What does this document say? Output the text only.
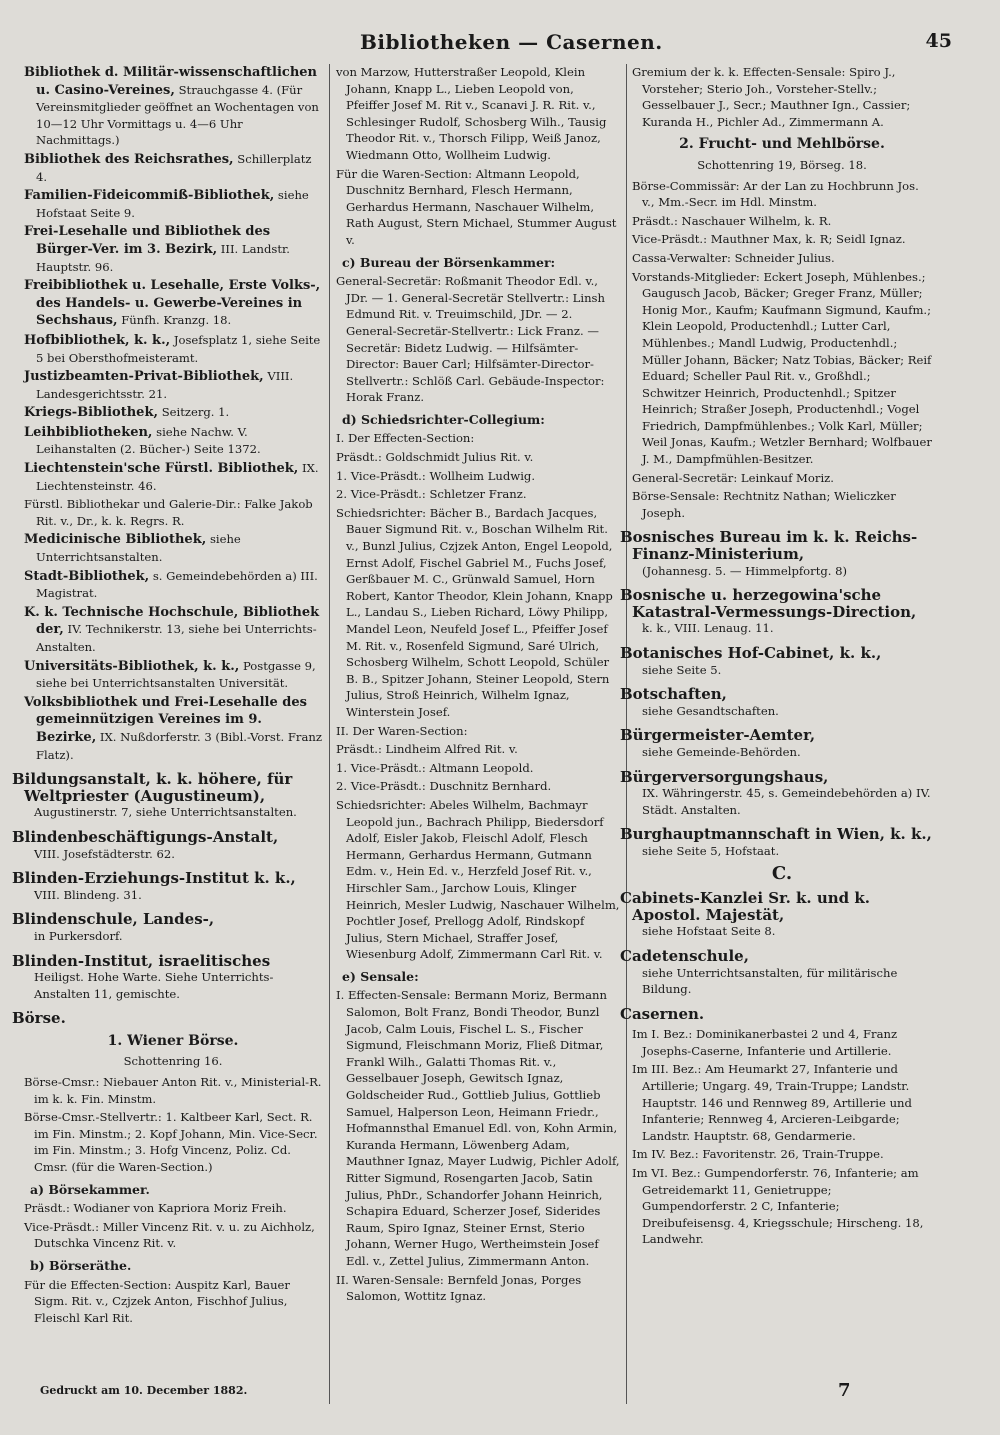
Bibliotheken — Casernen.	45
Bibliothek d. Militär-wissenschaftlichen u. Casino-Vereines, Strauchgasse 4. (Für Vereinsmitglieder geöffnet an Wochentagen von 10—12 Uhr Vormittags u. 4—6 Uhr Nachmittags.)
Bibliothek des Reichsrathes, Schillerplatz 4.
Familien-Fideicommiß-Bibliothek, siehe Hofstaat Seite 9.
Frei-Lesehalle und Bibliothek des Bürger-Ver. im 3. Bezirk, III. Landstr. Hauptstr. 96.
Freibibliothek u. Lesehalle, Erste Volks-, des Handels- u. Gewerbe-Vereines in Sechshaus, Fünfh. Kranzg. 18.
Hofbibliothek, k. k., Josefsplatz 1, siehe Seite 5 bei Obersthofmeisteramt.
Justizbeamten-Privat-Bibliothek, VIII. Landesgerichtsstr. 21.
Kriegs-Bibliothek, Seitzerg. 1.
Leihbibliotheken, siehe Nachw. V. Leihanstalten (2. Bücher-) Seite 1372.
Liechtenstein'sche Fürstl. Bibliothek, IX. Liechtensteinstr. 46.
Fürstl. Bibliothekar und Galerie-Dir.: Falke Jakob Rit. v., Dr., k. k. Regrs. R.
Medicinische Bibliothek, siehe Unterrichtsanstalten.
Stadt-Bibliothek, s. Gemeindebehörden a) III. Magistrat.
K. k. Technische Hochschule, Bibliothek der, IV. Technikerstr. 13, siehe bei Unterrichts-Anstalten.
Universitäts-Bibliothek, k. k., Postgasse 9, siehe bei Unterrichtsanstalten Universität.
Volksbibliothek und Frei-Lesehalle des gemeinnützigen Vereines im 9. Bezirke, IX. Nußdorferstr. 3 (Bibl.-Vorst. Franz Flatz).
Bildungsanstalt, k. k. höhere, für Weltpriester (Augustineum),
Augustinerstr. 7, siehe Unterrichtsanstalten.
Blindenbeschäftigungs-Anstalt,
VIII. Josefstädterstr. 62.
Blinden-Erziehungs-Institut k. k.,
VIII. Blindeng. 31.
Blindenschule, Landes-,
in Purkersdorf.
Blinden-Institut, israelitisches
Heiligst. Hohe Warte. Siehe Unterrichts-Anstalten 11, gemischte.
Börse.
1. Wiener Börse.
Schottenring 16.
Börse-Cmsr.: Niebauer Anton Rit. v., Ministerial-R. im k. k. Fin. Minstm.
Börse-Cmsr.-Stellvertr.: 1. Kaltbeer Karl, Sect. R. im Fin. Minstm.; 2. Kopf Johann, Min. Vice-Secr. im Fin. Minstm.; 3. Hofg Vincenz, Poliz. Cd. Cmsr. (für die Waren-Section.)
a) Börsekammer.
Präsdt.: Wodianer von Kapriora Moriz Freih.
Vice-Präsdt.: Miller Vincenz Rit. v. u. zu Aichholz, Dutschka Vincenz Rit. v.
b) Börseräthe.
Für die Effecten-Section: Auspitz Karl, Bauer Sigm. Rit. v., Czjzek Anton, Fischhof Julius, Fleischl Karl Rit.
von Marzow, Hutterstraßer Leopold, Klein Johann, Knapp L., Lieben Leopold von, Pfeiffer Josef M. Rit v., Scanavi J. R. Rit. v., Schlesinger Rudolf, Schosberg Wilh., Tausig Theodor Rit. v., Thorsch Filipp, Weiß Janoz, Wiedmann Otto, Wollheim Ludwig.
Für die Waren-Section: Altmann Leopold, Duschnitz Bernhard, Flesch Hermann, Gerhardus Hermann, Naschauer Wilhelm, Rath August, Stern Michael, Stummer August v.
c) Bureau der Börsenkammer:
General-Secretär: Roßmanit Theodor Edl. v., JDr. — 1. General-Secretär Stellvertr.: Linsh Edmund Rit. v. Treuimschild, JDr. — 2. General-Secretär-Stellvertr.: Lick Franz. — Secretär: Bidetz Ludwig. — Hilfsämter-Director: Bauer Carl; Hilfsämter-Director-Stellvertr.: Schlöß Carl. Gebäude-Inspector: Horak Franz.
d) Schiedsrichter-Collegium:
I. Der Effecten-Section:
Präsdt.: Goldschmidt Julius Rit. v.
1. Vice-Präsdt.: Wollheim Ludwig.
2. Vice-Präsdt.: Schletzer Franz.
Schiedsrichter: Bächer B., Bardach Jacques, Bauer Sigmund Rit. v., Boschan Wilhelm Rit. v., Bunzl Julius, Czjzek Anton, Engel Leopold, Ernst Adolf, Fischel Gabriel M., Fuchs Josef, Gerßbauer M. C., Grünwald Samuel, Horn Robert, Kantor Theodor, Klein Johann, Knapp L., Landau S., Lieben Richard, Löwy Philipp, Mandel Leon, Neufeld Josef L., Pfeiffer Josef M. Rit. v., Rosenfeld Sigmund, Saré Ulrich, Schosberg Wilhelm, Schott Leopold, Schüler B. B., Spitzer Johann, Steiner Leopold, Stern Julius, Stroß Heinrich, Wilhelm Ignaz, Winterstein Josef.
II. Der Waren-Section:
Präsdt.: Lindheim Alfred Rit. v.
1. Vice-Präsdt.: Altmann Leopold.
2. Vice-Präsdt.: Duschnitz Bernhard.
Schiedsrichter: Abeles Wilhelm, Bachmayr Leopold jun., Bachrach Philipp, Biedersdorf Adolf, Eisler Jakob, Fleischl Adolf, Flesch Hermann, Gerhardus Hermann, Gutmann Edm. v., Hein Ed. v., Herzfeld Josef Rit. v., Hirschler Sam., Jarchow Louis, Klinger Heinrich, Mesler Ludwig, Naschauer Wilhelm, Pochtler Josef, Prellogg Adolf, Rindskopf Julius, Stern Michael, Straffer Josef, Wiesenburg Adolf, Zimmermann Carl Rit. v.
e) Sensale:
I. Effecten-Sensale: Bermann Moriz, Bermann Salomon, Bolt Franz, Bondi Theodor, Bunzl Jacob, Calm Louis, Fischel L. S., Fischer Sigmund, Fleischmann Moriz, Fließ Ditmar, Frankl Wilh., Galatti Thomas Rit. v., Gesselbauer Joseph, Gewitsch Ignaz, Goldscheider Rud., Gottlieb Julius, Gottlieb Samuel, Halperson Leon, Heimann Friedr., Hofmannsthal Emanuel Edl. von, Kohn Armin, Kuranda Hermann, Löwenberg Adam, Mauthner Ignaz, Mayer Ludwig, Pichler Adolf, Ritter Sigmund, Rosengarten Jacob, Satin Julius, PhDr., Schandorfer Johann Heinrich, Schapira Eduard, Scherzer Josef, Siderides Raum, Spiro Ignaz, Steiner Ernst, Sterio Johann, Werner Hugo, Wertheimstein Josef Edl. v., Zettel Julius, Zimmermann Anton.
II. Waren-Sensale: Bernfeld Jonas, Porges Salomon, Wottitz Ignaz.
Gremium der k. k. Effecten-Sensale: Spiro J., Vorsteher; Sterio Joh., Vorsteher-Stellv.; Gesselbauer J., Secr.; Mauthner Ign., Cassier; Kuranda H., Pichler Ad., Zimmermann A.
2. Frucht- und Mehlbörse.
Schottenring 19, Börseg. 18.
Börse-Commissär: Ar der Lan zu Hochbrunn Jos. v., Mm.-Secr. im Hdl. Minstm.
Präsdt.: Naschauer Wilhelm, k. R.
Vice-Präsdt.: Mauthner Max, k. R; Seidl Ignaz.
Cassa-Verwalter: Schneider Julius.
Vorstands-Mitglieder: Eckert Joseph, Mühlenbes.; Gaugusch Jacob, Bäcker; Greger Franz, Müller; Honig Mor., Kaufm; Kaufmann Sigmund, Kaufm.; Klein Leopold, Productenhdl.; Lutter Carl, Mühlenbes.; Mandl Ludwig, Productenhdl.; Müller Johann, Bäcker; Natz Tobias, Bäcker; Reif Eduard; Scheller Paul Rit. v., Großhdl.; Schwitzer Heinrich, Productenhdl.; Spitzer Heinrich; Straßer Joseph, Productenhdl.; Vogel Friedrich, Dampfmühlenbes.; Volk Karl, Müller; Weil Jonas, Kaufm.; Wetzler Bernhard; Wolfbauer J. M., Dampfmühlen-Besitzer.
General-Secretär: Leinkauf Moriz.
Börse-Sensale: Rechtnitz Nathan; Wieliczker Joseph.
Bosnisches Bureau im k. k. Reichs-Finanz-Ministerium,
(Johannesg. 5. — Himmelpfortg. 8)
Bosnische u. herzegowina'sche Katastral-Vermessungs-Direction,
k. k., VIII. Lenaug. 11.
Botanisches Hof-Cabinet, k. k.,
siehe Seite 5.
Botschaften,
siehe Gesandtschaften.
Bürgermeister-Aemter,
siehe Gemeinde-Behörden.
Bürgerversorgungshaus,
IX. Währingerstr. 45, s. Gemeindebehörden a) IV. Städt. Anstalten.
Burghauptmannschaft in Wien, k. k.,
siehe Seite 5, Hofstaat.
C.
Cabinets-Kanzlei Sr. k. und k. Apostol. Majestät,
siehe Hofstaat Seite 8.
Cadetenschule,
siehe Unterrichtsanstalten, für militärische Bildung.
Casernen.
Im I. Bez.: Dominikanerbastei 2 und 4, Franz Josephs-Caserne, Infanterie und Artillerie.
Im III. Bez.: Am Heumarkt 27, Infanterie und Artillerie; Ungarg. 49, Train-Truppe; Landstr. Hauptstr. 146 und Rennweg 89, Artillerie und Infanterie; Rennweg 4, Arcieren-Leibgarde; Landstr. Hauptstr. 68, Gendarmerie.
Im IV. Bez.: Favoritenstr. 26, Train-Truppe.
Im VI. Bez.: Gumpendorferstr. 76, Infanterie; am Getreidemarkt 11, Genietruppe; Gumpendorferstr. 2 C, Infanterie; Dreibufeisensg. 4, Kriegsschule; Hirscheng. 18, Landwehr.
Gedruckt am 10. December 1882.	7
